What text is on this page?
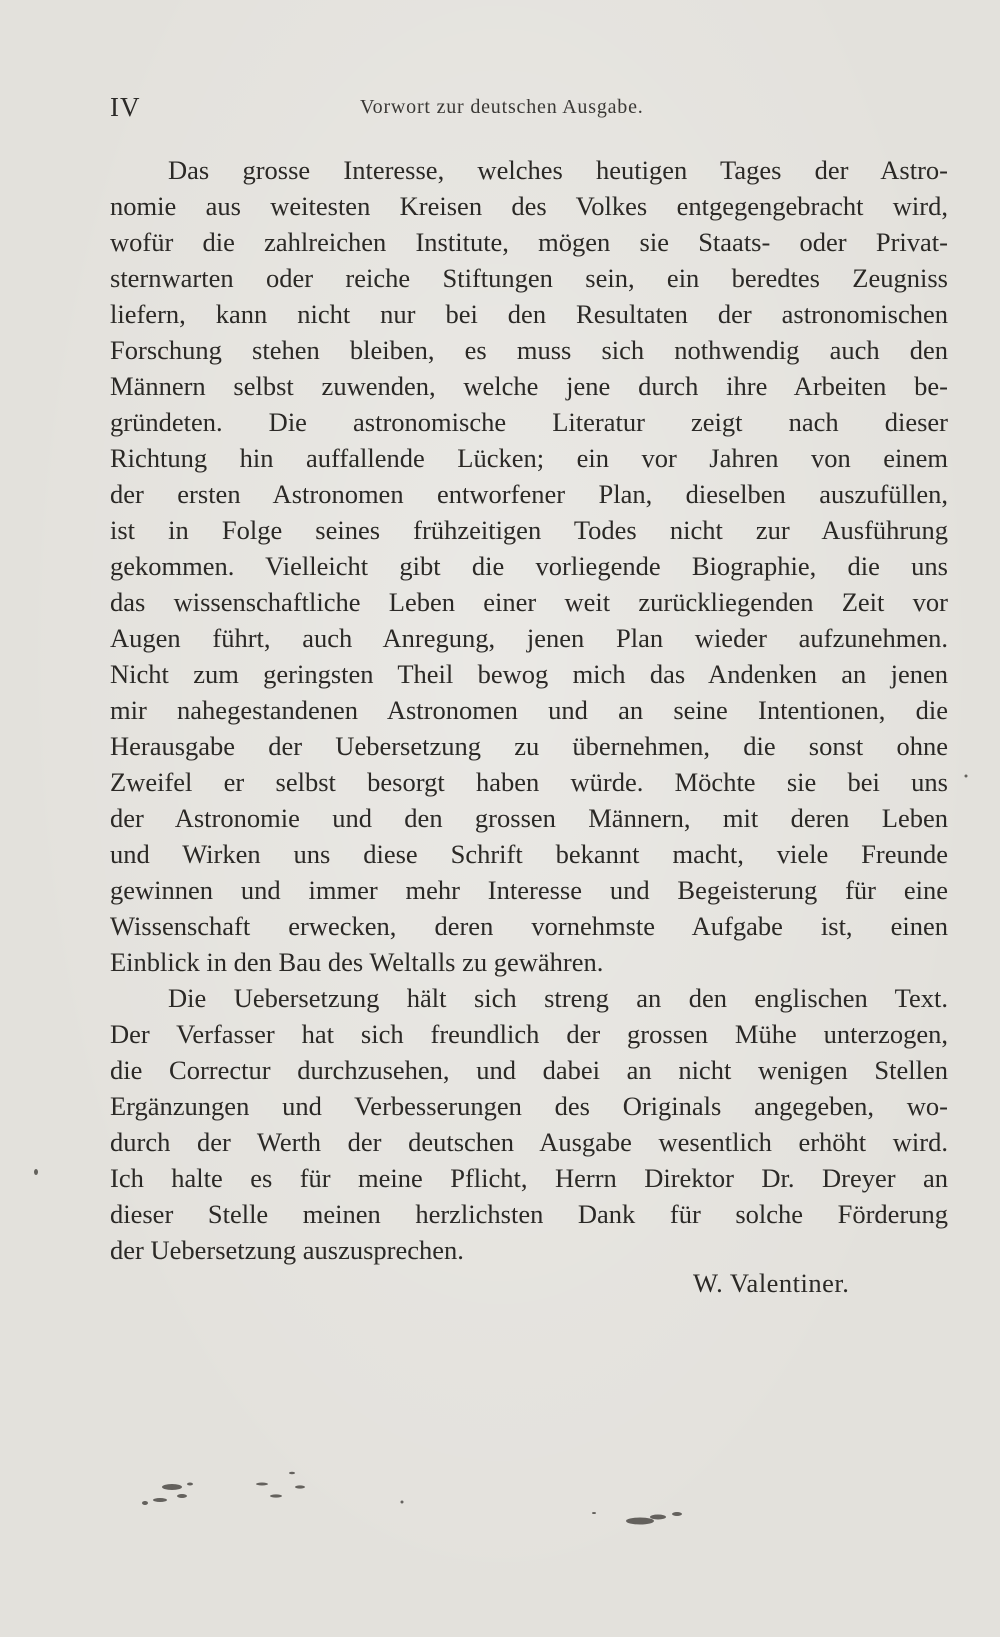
IV	Vorwort zur deutschen Ausgabe.
Das grosse Interesse, welches heutigen Tages der Astro-
nomie aus weitesten Kreisen des Volkes entgegengebracht wird,
wofür die zahlreichen Institute, mögen sie Staats- oder Privat-
sternwarten oder reiche Stiftungen sein, ein beredtes Zeugniss
liefern, kann nicht nur bei den Resultaten der astronomischen
Forschung stehen bleiben, es muss sich nothwendig auch den
Männern selbst zuwenden, welche jene durch ihre Arbeiten be-
gründeten. Die astronomische Literatur zeigt nach dieser
Richtung hin auffallende Lücken; ein vor Jahren von einem
der ersten Astronomen entworfener Plan, dieselben auszufüllen,
ist in Folge seines frühzeitigen Todes nicht zur Ausführung
gekommen. Vielleicht gibt die vorliegende Biographie, die uns
das wissenschaftliche Leben einer weit zurückliegenden Zeit vor
Augen führt, auch Anregung, jenen Plan wieder aufzunehmen.
Nicht zum geringsten Theil bewog mich das Andenken an jenen
mir nahegestandenen Astronomen und an seine Intentionen, die
Herausgabe der Uebersetzung zu übernehmen, die sonst ohne
Zweifel er selbst besorgt haben würde. Möchte sie bei uns
der Astronomie und den grossen Männern, mit deren Leben
und Wirken uns diese Schrift bekannt macht, viele Freunde
gewinnen und immer mehr Interesse und Begeisterung für eine
Wissenschaft erwecken, deren vornehmste Aufgabe ist, einen
Einblick in den Bau des Weltalls zu gewähren.
Die Uebersetzung hält sich streng an den englischen Text.
Der Verfasser hat sich freundlich der grossen Mühe unterzogen,
die Correctur durchzusehen, und dabei an nicht wenigen Stellen
Ergänzungen und Verbesserungen des Originals angegeben, wo-
durch der Werth der deutschen Ausgabe wesentlich erhöht wird.
Ich halte es für meine Pflicht, Herrn Direktor Dr. Dreyer an
dieser Stelle meinen herzlichsten Dank für solche Förderung
der Uebersetzung auszusprechen.
W. Valentiner.
